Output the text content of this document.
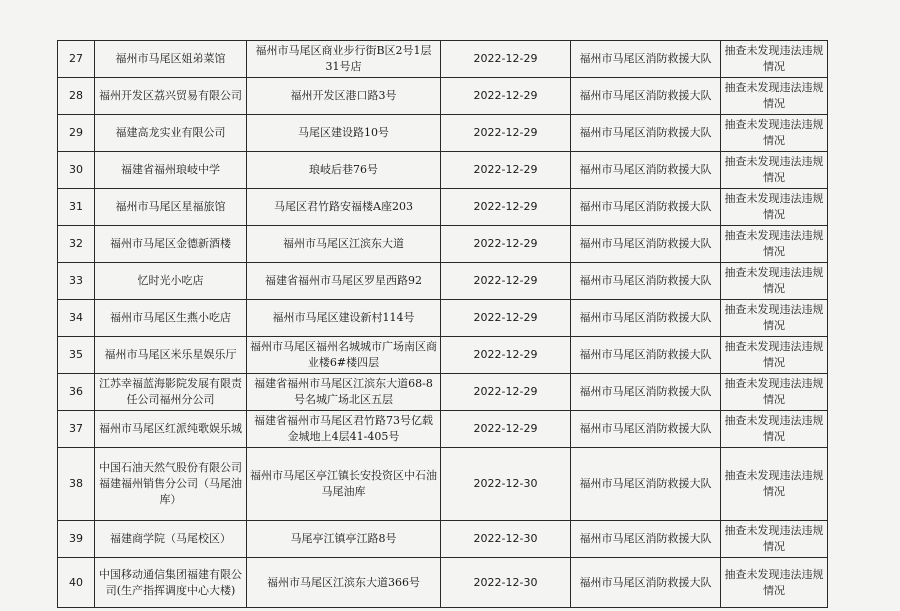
27	福州市马尾区姐弟菜馆	福州市马尾区商业步行街B区2号1层31号店	2022-12-29	福州市马尾区消防救援大队	抽查未发现违法违规情况
28	福州开发区荔兴贸易有限公司	福州开发区港口路3号	2022-12-29	福州市马尾区消防救援大队	抽查未发现违法违规情况
29	福建高龙实业有限公司	马尾区建设路10号	2022-12-29	福州市马尾区消防救援大队	抽查未发现违法违规情况
30	福建省福州琅岐中学	琅岐后巷76号	2022-12-29	福州市马尾区消防救援大队	抽查未发现违法违规情况
31	福州市马尾区星福旅馆	马尾区君竹路安福楼A座203	2022-12-29	福州市马尾区消防救援大队	抽查未发现违法违规情况
32	福州市马尾区金德新酒楼	福州市马尾区江滨东大道	2022-12-29	福州市马尾区消防救援大队	抽查未发现违法违规情况
33	忆时光小吃店	福建省福州市马尾区罗星西路92	2022-12-29	福州市马尾区消防救援大队	抽查未发现违法违规情况
34	福州市马尾区生燕小吃店	福州市马尾区建设新村114号	2022-12-29	福州市马尾区消防救援大队	抽查未发现违法违规情况
35	福州市马尾区米乐星娱乐厅	福州市马尾区福州名城城市广场南区商业楼6#楼四层	2022-12-29	福州市马尾区消防救援大队	抽查未发现违法违规情况
36	江苏幸福蓝海影院发展有限责任公司福州分公司	福建省福州市马尾区江滨东大道68-8号名城广场北区五层	2022-12-29	福州市马尾区消防救援大队	抽查未发现违法违规情况
37	福州市马尾区红派纯歌娱乐城	福建省福州市马尾区君竹路73号亿载金城地上4层41-405号	2022-12-29	福州市马尾区消防救援大队	抽查未发现违法违规情况
38	中国石油天然气股份有限公司福建福州销售分公司（马尾油库）	福州市马尾区亭江镇长安投资区中石油马尾油库	2022-12-30	福州市马尾区消防救援大队	抽查未发现违法违规情况
39	福建商学院（马尾校区）	马尾亭江镇亭江路8号	2022-12-30	福州市马尾区消防救援大队	抽查未发现违法违规情况
40	中国移动通信集团福建有限公司(生产指挥调度中心大楼)	福州市马尾区江滨东大道366号	2022-12-30	福州市马尾区消防救援大队	抽查未发现违法违规情况
